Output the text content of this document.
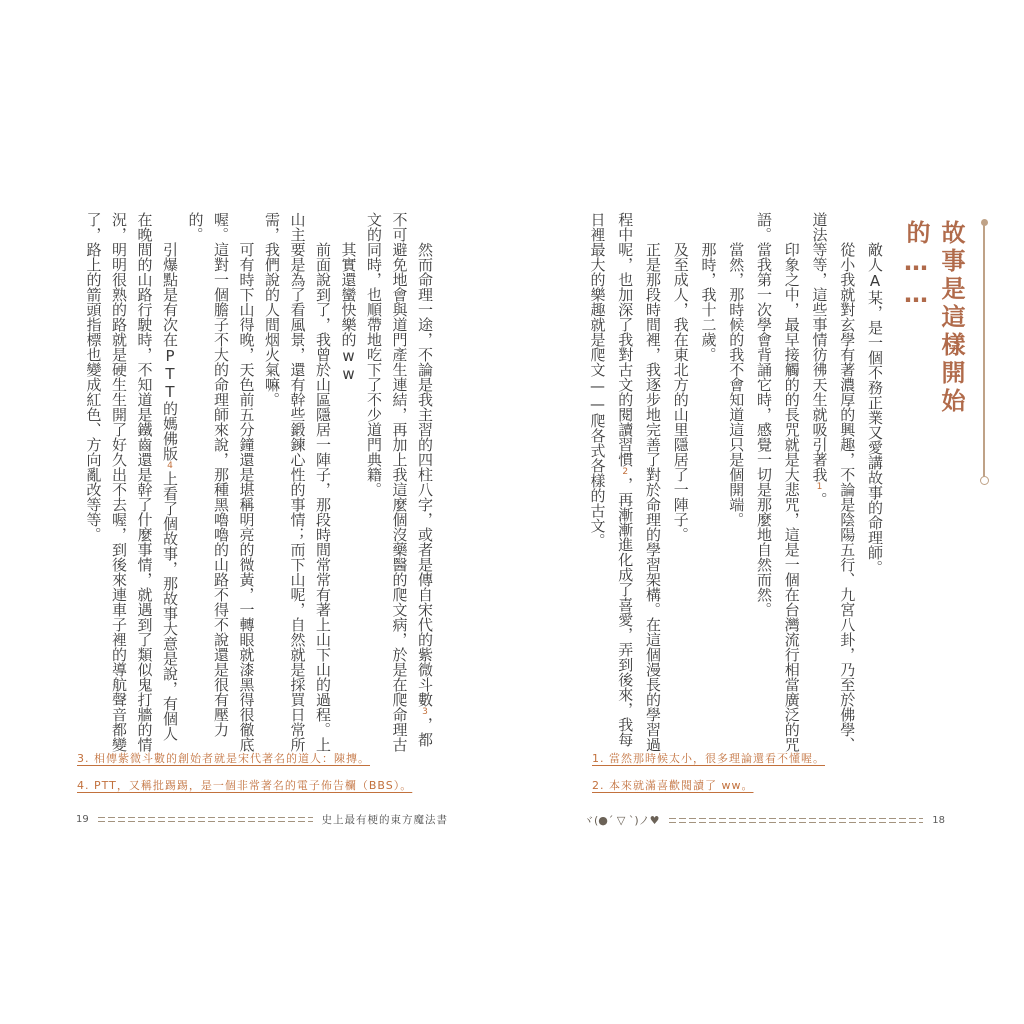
故事是這樣開始的……

敵人A某，是一個不務正業又愛講故事的命理師。

從小我就對玄學有著濃厚的興趣，不論是陰陽五行、九宮八卦，乃至於佛學、道法等等，這些事情彷彿天生就吸引著我1。

印象之中，最早接觸的的長咒就是大悲咒，這是一個在台灣流行相當廣泛的咒語。當我第一次學會背誦它時，感覺一切是那麼地自然而然。

當然，那時候的我不會知道這只是個開端。

那時，我十二歲。

及至成人，我在東北方的山里隱居了一陣子。

正是那段時間裡，我逐步地完善了對於命理的學習架構。在這個漫長的學習過程中呢，也加深了我對古文的閱讀習慣2，再漸漸進化成了喜愛，弄到後來，我每日裡最大的樂趣就是爬文——爬各式各樣的古文。

1. 當然那時候太小，很多理論還看不懂喔。
2. 本來就滿喜歡閱讀了 ww。
ヾ(●´ ▽ `)ノ♥	18

然而命理一途，不論是我主習的四柱八字，或者是傳自宋代的紫微斗數3，都不可避免地會與道門產生連結，再加上我這麼個沒藥醫的爬文病，於是在爬命理古文的同時，也順帶地吃下了不少道門典籍。

其實還蠻快樂的ww

前面說到了，我曾於山區隱居一陣子，那段時間常常有著上山下山的過程。上山主要是為了看風景，還有幹些鍛鍊心性的事情；而下山呢，自然就是採買日常所需，我們說的人間烟火氣嘛。

可有時下山得晚，天色前五分鐘還是堪稱明亮的微黃，一轉眼就漆黑得很徹底喔。這對一個膽子不大的命理師來說，那種黑嚕嚕的山路不得不說還是很有壓力的。

引爆點是有次在PTT的媽佛版4上看了個故事，那故事大意是說，有個人在晚間的山路行駛時，不知道是鐵齒還是幹了什麼事情，就遇到了類似鬼打牆的情況，明明很熟的路就是硬生生開了好久出不去喔，到後來連車子裡的導航聲音都變了，路上的箭頭指標也變成紅色、方向亂改等等。

3. 相傳紫微斗數的創始者就是宋代著名的道人：陳摶。
4. PTT，又稱批踢踢，是一個非常著名的電子佈告欄（BBS）。
19	史上最有梗的東方魔法書
